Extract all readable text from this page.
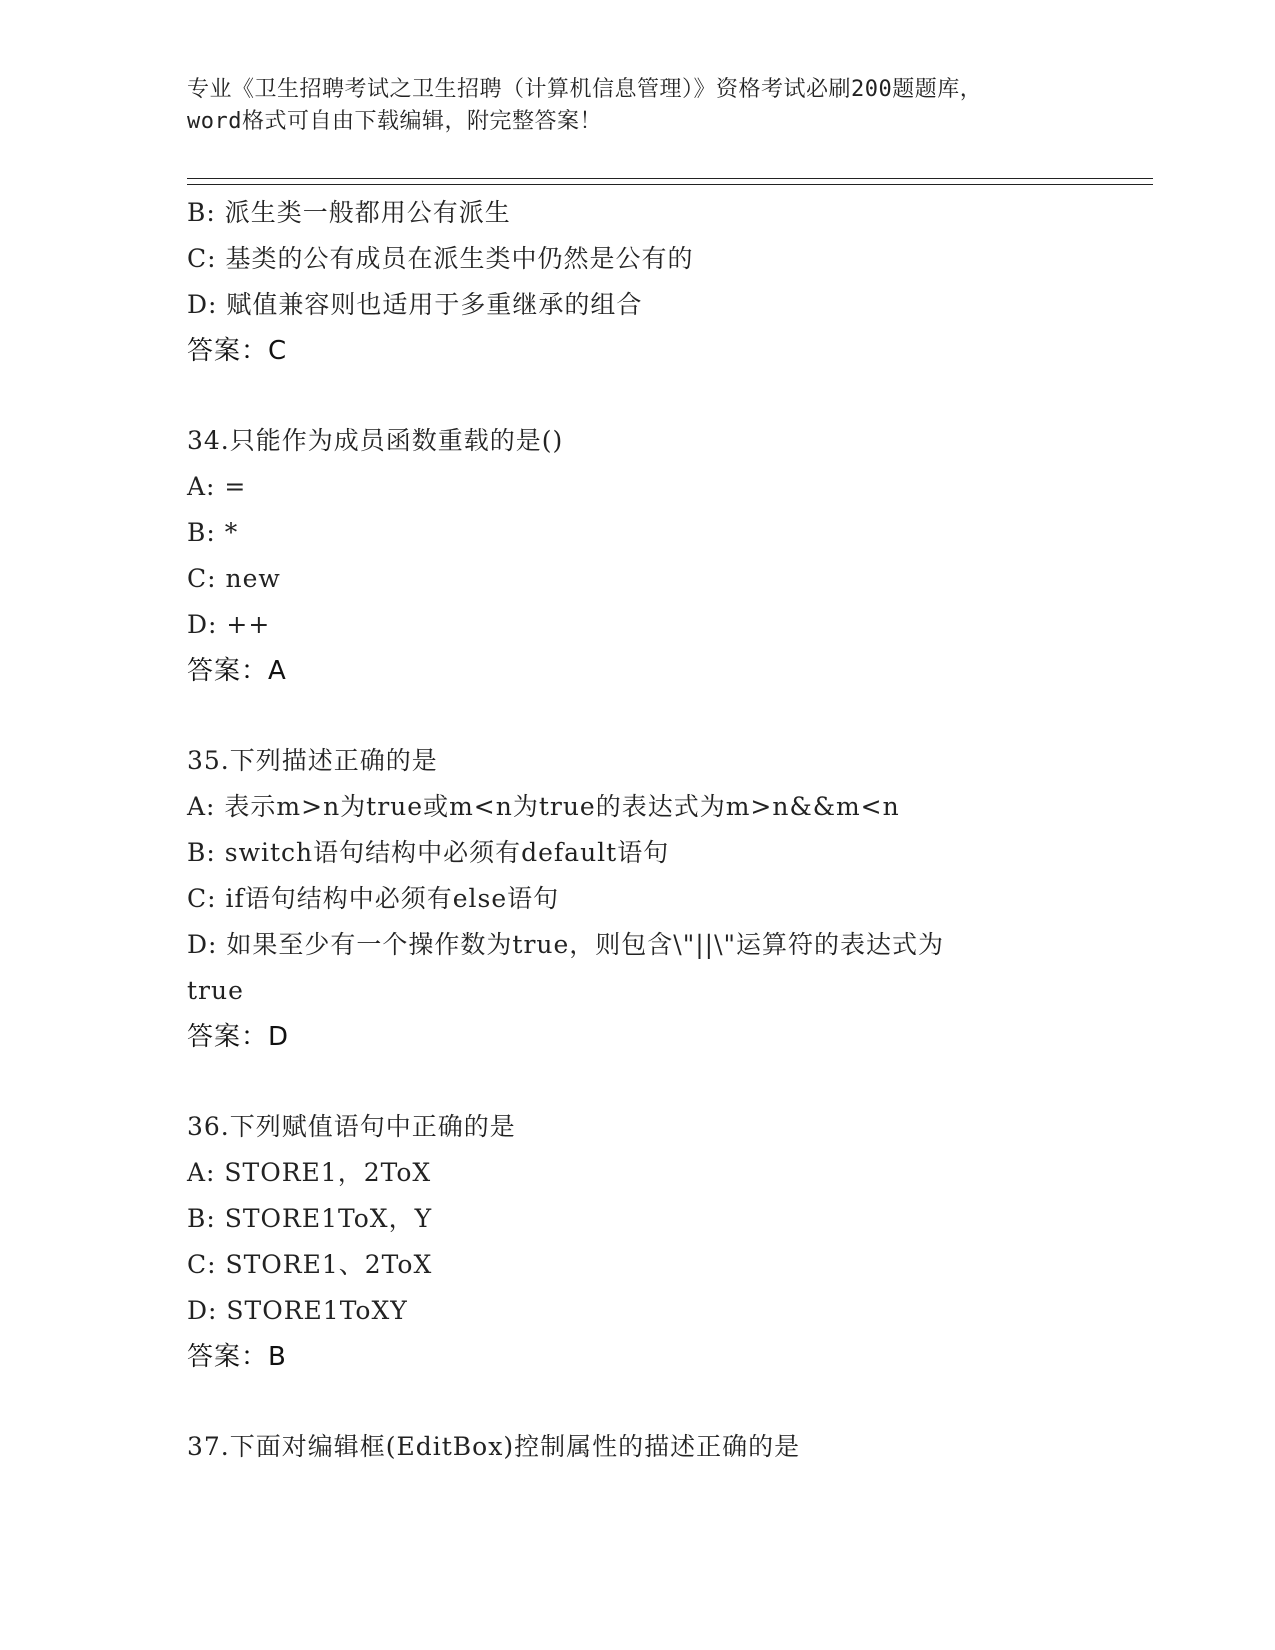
专业《卫生招聘考试之卫生招聘（计算机信息管理）》资格考试必刷200题题库，
word格式可自由下载编辑，附完整答案！
B: 派生类一般都用公有派生
C: 基类的公有成员在派生类中仍然是公有的
D: 赋值兼容则也适用于多重继承的组合
答案：C
34.只能作为成员函数重载的是()
A: =
B: *
C: new
D: ++
答案：A
35.下列描述正确的是
A: 表示m>n为true或m<n为true的表达式为m>n&&m<n
B: switch语句结构中必须有default语句
C: if语句结构中必须有else语句
D: 如果至少有一个操作数为true，则包含\"||\"运算符的表达式为
true
答案：D
36.下列赋值语句中正确的是
A: STORE1，2ToX
B: STORE1ToX，Y
C: STORE1、2ToX
D: STORE1ToXY
答案：B
37.下面对编辑框(EditBox)控制属性的描述正确的是
